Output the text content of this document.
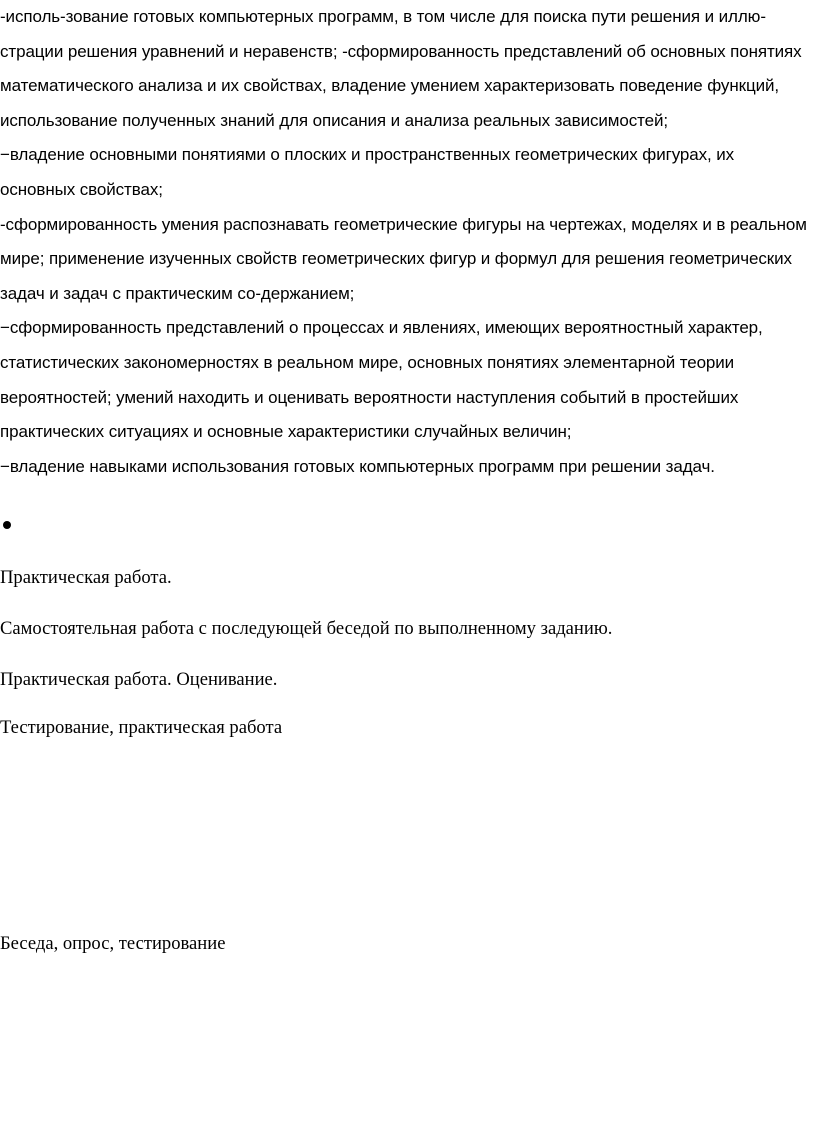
-исполь-зование готовых компьютерных программ, в том числе для поиска пути решения и иллю-страции решения уравнений и неравенств; -сформированность представлений об основных понятиях математического анализа и их свойствах, владение умением характеризовать поведение функций, использование полученных знаний для описания и анализа реальных зависимостей;

−владение основными понятиями о плоских и пространственных геометрических фигурах, их основных свойствах;

-сформированность умения распознавать геометрические фигуры на чертежах, моделях и в реальном мире; применение изученных свойств геометрических фигур и формул для решения геометрических задач и задач с практическим со-держанием;

−сформированность представлений о процессах и явлениях, имеющих вероятностный характер, статистических закономерностях в реальном мире, основных понятиях элементарной теории вероятностей; умений находить и оценивать вероятности наступления событий в простейших практических ситуациях и основные характеристики случайных величин;

−владение навыками использования готовых компьютерных программ при решении задач.

Практическая работа.

Самостоятельная работа с последующей беседой по выполненному заданию.

Практическая работа. Оценивание.

Тестирование, практическая работа

Беседа, опрос, тестирование
